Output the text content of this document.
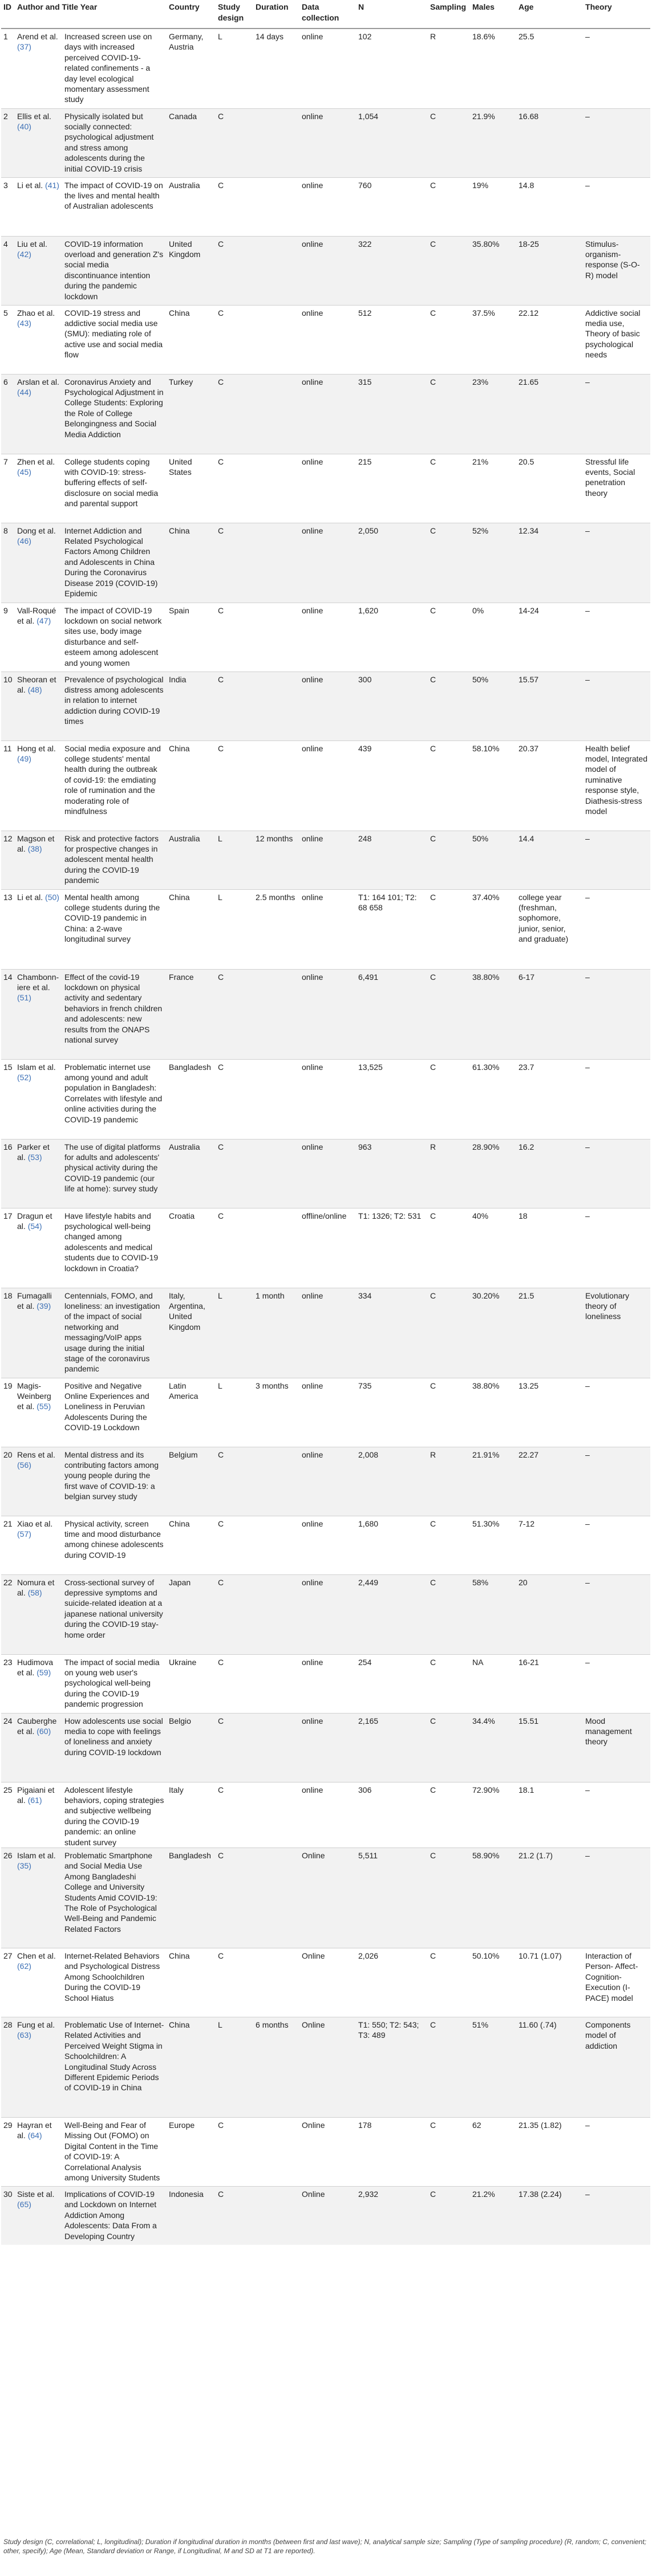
ID	Author and Title Year		Country	Study design	Duration	Data collection	N	Sampling	Males	Age	Theory
1	Arend et al. (37)	Increased screen use on days with increased perceived COVID-19-related confinements - a day level ecological momentary assessment study	Germany, Austria	L	14 days	online	102	R	18.6%	25.5	–
2	Ellis et al. (40)	Physically isolated but socially connected: psychological adjustment and stress among adolescents during the initial COVID-19 crisis	Canada	C		online	1,054	C	21.9%	16.68	–
3	Li et al. (41)	The impact of COVID-19 on the lives and mental health of Australian adolescents	Australia	C		online	760	C	19%	14.8	–
4	Liu et al. (42)	COVID-19 information overload and generation Z's social media discontinuance intention during the pandemic lockdown	United Kingdom	C		online	322	C	35.80%	18-25	Stimulus-organism-response (S-O-R) model
5	Zhao et al. (43)	COVID-19 stress and addictive social media use (SMU): mediating role of active use and social media flow	China	C		online	512	C	37.5%	22.12	Addictive social media use, Theory of basic psychological needs
6	Arslan et al. (44)	Coronavirus Anxiety and Psychological Adjustment in College Students: Exploring the Role of College Belongingness and Social Media Addiction	Turkey	C		online	315	C	23%	21.65	–
7	Zhen et al. (45)	College students coping with COVID-19: stress-buffering effects of self-disclosure on social media and parental support	United States	C		online	215	C	21%	20.5	Stressful life events, Social penetration theory
8	Dong et al. (46)	Internet Addiction and Related Psychological Factors Among Children and Adolescents in China During the Coronavirus Disease 2019 (COVID-19) Epidemic	China	C		online	2,050	C	52%	12.34	–
9	Vall-Roqué et al. (47)	The impact of COVID-19 lockdown on social network sites use, body image disturbance and self-esteem among adolescent and young women	Spain	C		online	1,620	C	0%	14-24	–
10	Sheoran et al. (48)	Prevalence of psychological distress among adolescents in relation to internet addiction during COVID-19 times	India	C		online	300	C	50%	15.57	–
11	Hong et al. (49)	Social media exposure and college students' mental health during the outbreak of covid-19: the emdiating role of rumination and the moderating role of mindfulness	China	C		online	439	C	58.10%	20.37	Health belief model, Integrated model of ruminative response style, Diathesis-stress model
12	Magson et al. (38)	Risk and protective factors for prospective changes in adolescent mental health during the COVID-19 pandemic	Australia	L	12 months	online	248	C	50%	14.4	–
13	Li et al. (50)	Mental health among college students during the COVID-19 pandemic in China: a 2-wave longitudinal survey	China	L	2.5 months	online	T1: 164 101; T2: 68 658	C	37.40%	college year (freshman, sophomore, junior, senior, and graduate)	–
14	Chambonn-iere et al. (51)	Effect of the covid-19 lockdown on physical activity and sedentary behaviors in french children and adolescents: new results from the ONAPS national survey	France	C		online	6,491	C	38.80%	6-17	–
15	Islam et al. (52)	Problematic internet use among yound and adult population in Bangladesh: Correlates with lifestyle and online activities during the COVID-19 pandemic	Bangladesh	C		online	13,525	C	61.30%	23.7	–
16	Parker et al. (53)	The use of digital platforms for adults and adolescents' physical activity during the COVID-19 pandemic (our life at home): survey study	Australia	C		online	963	R	28.90%	16.2	–
17	Dragun et al. (54)	Have lifestyle habits and psychological well-being changed among adolescents and medical students due to COVID-19 lockdown in Croatia?	Croatia	C		offline/online	T1: 1326; T2: 531	C	40%	18	–
18	Fumagalli et al. (39)	Centennials, FOMO, and loneliness: an investigation of the impact of social networking and messaging/VoIP apps usage during the initial stage of the coronavirus pandemic	Italy, Argentina, United Kingdom	L	1 month	online	334	C	30.20%	21.5	Evolutionary theory of loneliness
19	Magis-Weinberg et al. (55)	Positive and Negative Online Experiences and Loneliness in Peruvian Adolescents During the COVID-19 Lockdown	Latin America	L	3 months	online	735	C	38.80%	13.25	–
20	Rens et al. (56)	Mental distress and its contributing factors among young people during the first wave of COVID-19: a belgian survey study	Belgium	C		online	2,008	R	21.91%	22.27	–
21	Xiao et al. (57)	Physical activity, screen time and mood disturbance among chinese adolescents during COVID-19	China	C		online	1,680	C	51.30%	7-12	–
22	Nomura et al. (58)	Cross-sectional survey of depressive symptoms and suicide-related ideation at a japanese national university during the COVID-19 stay-home order	Japan	C		online	2,449	C	58%	20	–
23	Hudimova et al. (59)	The impact of social media on young web user's psychological well-being during the COVID-19 pandemic progression	Ukraine	C		online	254	C	NA	16-21	–
24	Cauberghe et al. (60)	How adolescents use social media to cope with feelings of loneliness and anxiety during COVID-19 lockdown	Belgio	C		online	2,165	C	34.4%	15.51	Mood management theory
25	Pigaiani et al. (61)	Adolescent lifestyle behaviors, coping strategies and subjective wellbeing during the COVID-19 pandemic: an online student survey	Italy	C		online	306	C	72.90%	18.1	–
26	Islam et al. (35)	Problematic Smartphone and Social Media Use Among Bangladeshi College and University Students Amid COVID-19: The Role of Psychological Well-Being and Pandemic Related Factors	Bangladesh	C		Online	5,511	C	58.90%	21.2 (1.7)	–
27	Chen et al. (62)	Internet-Related Behaviors and Psychological Distress Among Schoolchildren During the COVID-19 School Hiatus	China	C		Online	2,026	C	50.10%	10.71 (1.07)	Interaction of Person- Affect-Cognition-Execution (I-PACE) model
28	Fung et al. (63)	Problematic Use of Internet-Related Activities and Perceived Weight Stigma in Schoolchildren: A Longitudinal Study Across Different Epidemic Periods of COVID-19 in China	China	L	6 months	Online	T1: 550; T2: 543; T3: 489	C	51%	11.60 (.74)	Components model of addiction
29	Hayran et al. (64)	Well-Being and Fear of Missing Out (FOMO) on Digital Content in the Time of COVID-19: A Correlational Analysis among University Students	Europe	C		Online	178	C	62	21.35 (1.82)	–
30	Siste et al. (65)	Implications of COVID-19 and Lockdown on Internet Addiction Among Adolescents: Data From a Developing Country	Indonesia	C		Online	2,932	C	21.2%	17.38 (2.24)	–
Study design (C, correlational; L, longitudinal); Duration if longitudinal duration in months (between first and last wave); N, analytical sample size; Sampling (Type of sampling procedure) (R, random; C, convenient; other, specify); Age (Mean, Standard deviation or Range, if Longitudinal, M and SD at T1 are reported).
